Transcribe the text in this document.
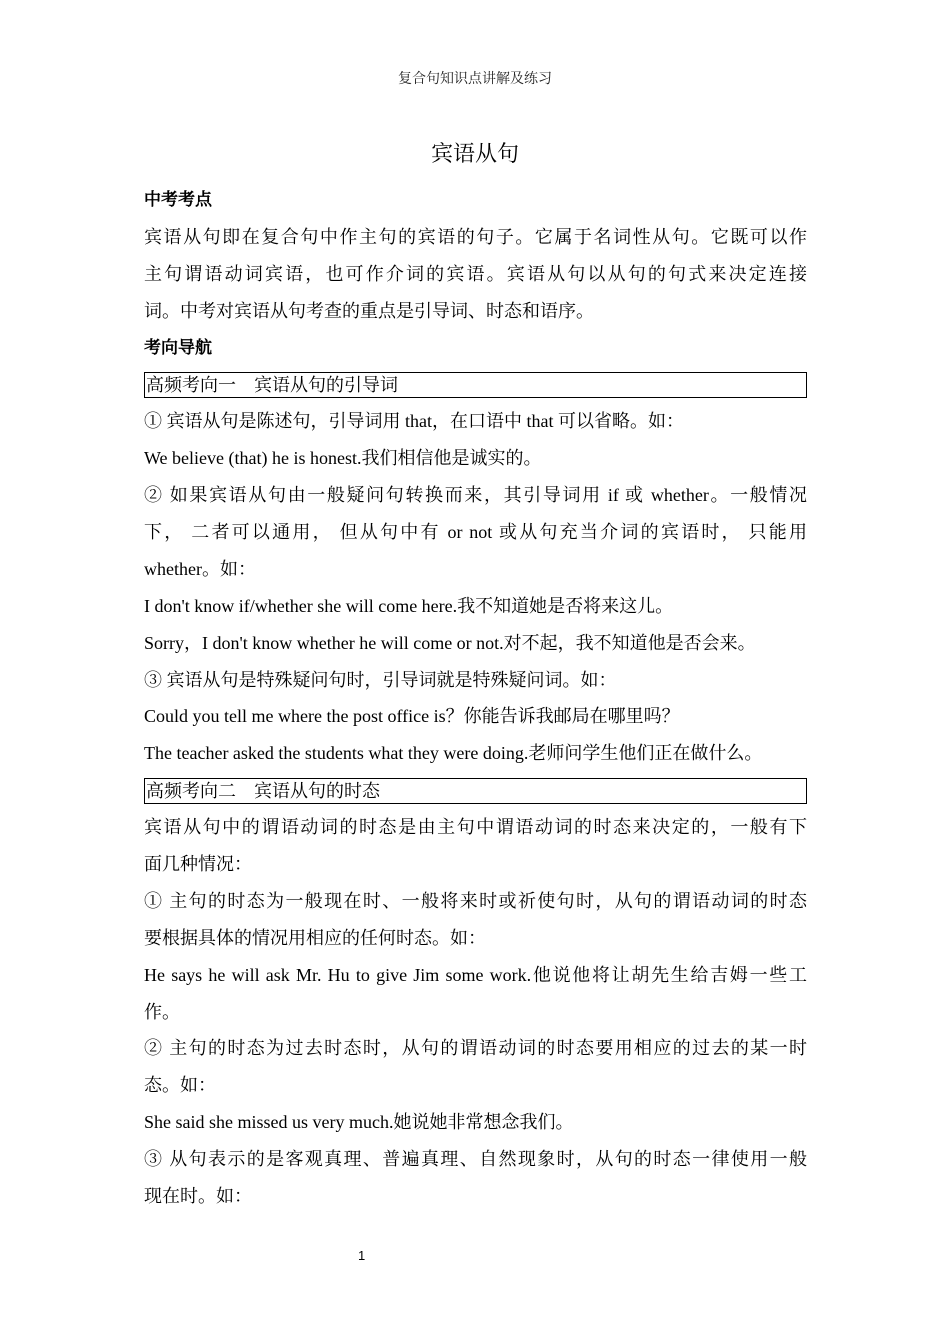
复合句知识点讲解及练习
宾语从句
中考考点
宾语从句即在复合句中作主句的宾语的句子。它属于名词性从句。它既可以作
主句谓语动词宾语，也可作介词的宾语。宾语从句以从句的句式来决定连接
词。中考对宾语从句考查的重点是引导词、时态和语序。
考向导航
高频考向一 宾语从句的引导词
① 宾语从句是陈述句，引导词用 that，在口语中 that 可以省略。如：
We believe (that) he is honest.我们相信他是诚实的。
② 如果宾语从句由一般疑问句转换而来，其引导词用 if 或 whether。一般情况
下， 二者可以通用， 但从句中有 or not 或从句充当介词的宾语时， 只能用
whether。如：
I don't know if/whether she will come here.我不知道她是否将来这儿。
Sorry，I don't know whether he will come or not.对不起，我不知道他是否会来。
③ 宾语从句是特殊疑问句时，引导词就是特殊疑问词。如：
Could you tell me where the post office is？你能告诉我邮局在哪里吗？
The teacher asked the students what they were doing.老师问学生他们正在做什么。
高频考向二 宾语从句的时态
宾语从句中的谓语动词的时态是由主句中谓语动词的时态来决定的，一般有下
面几种情况：
① 主句的时态为一般现在时、一般将来时或祈使句时，从句的谓语动词的时态
要根据具体的情况用相应的任何时态。如：
He says he will ask Mr. Hu to give Jim some work.他说他将让胡先生给吉姆一些工
作。
② 主句的时态为过去时态时，从句的谓语动词的时态要用相应的过去的某一时
态。如：
She said she missed us very much.她说她非常想念我们。
③ 从句表示的是客观真理、普遍真理、自然现象时，从句的时态一律使用一般
现在时。如：
1
